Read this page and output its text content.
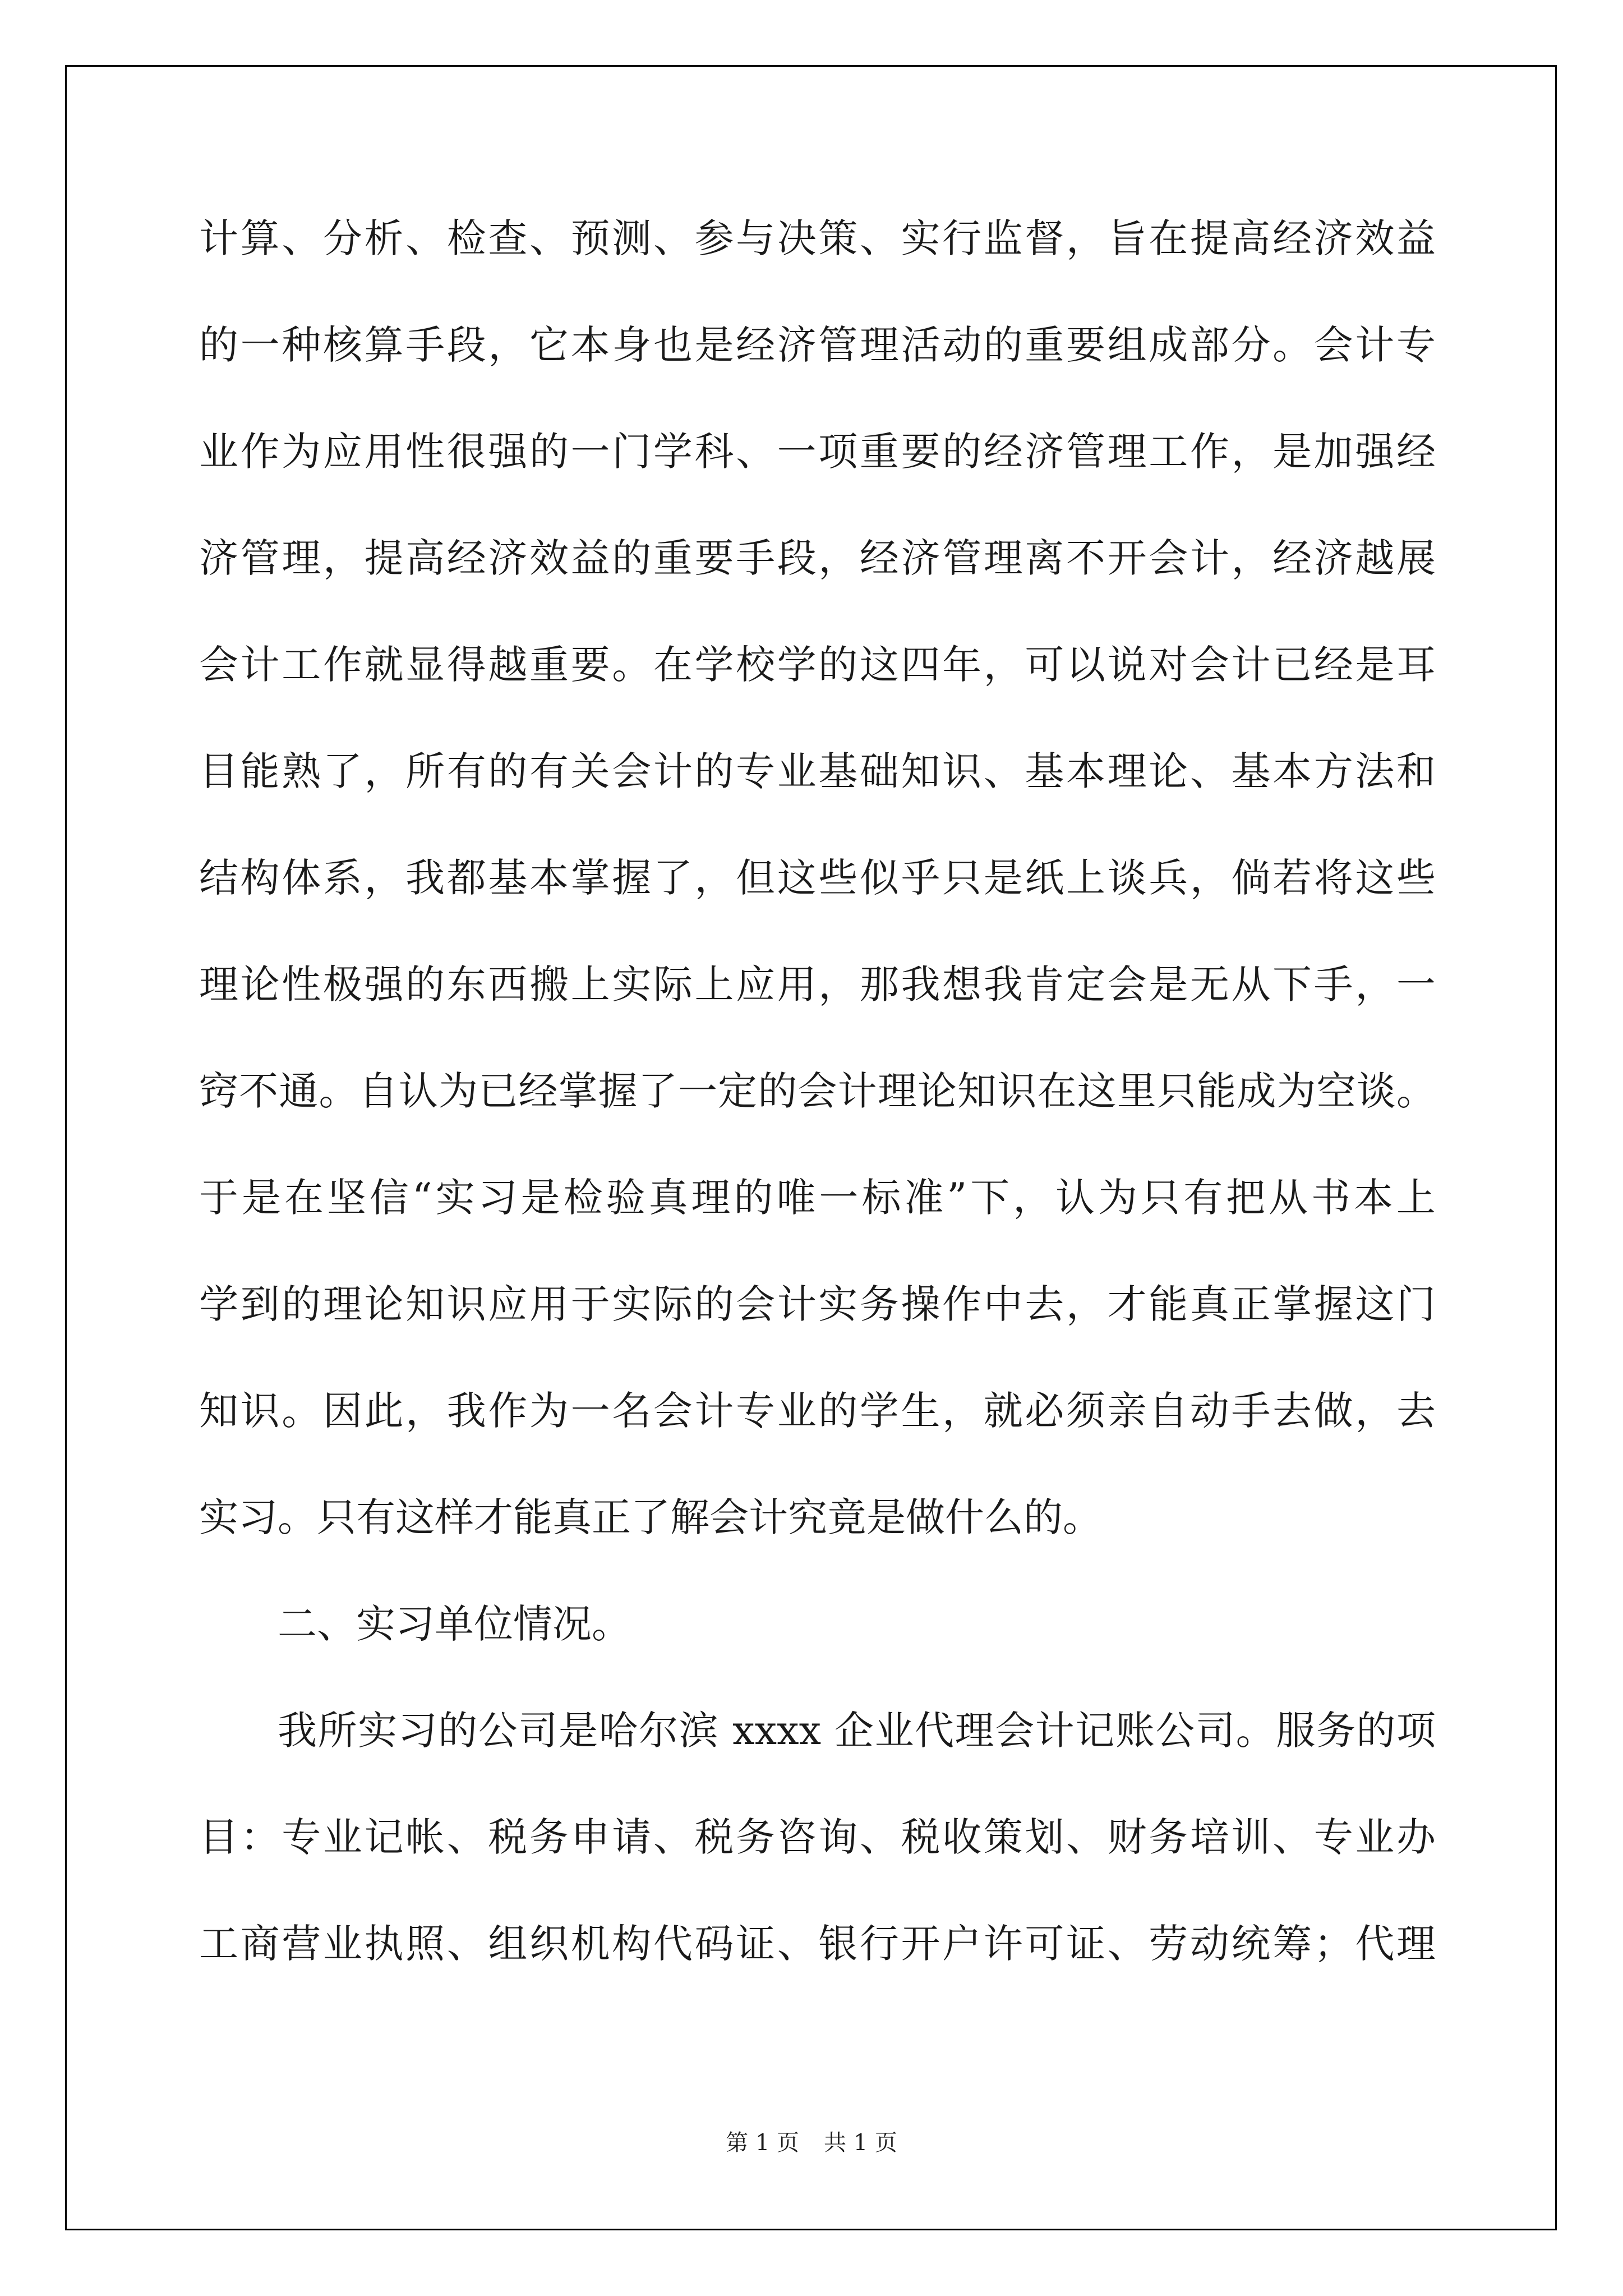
计算、分析、检查、预测、参与决策、实行监督，旨在提高经济效益
的一种核算手段，它本身也是经济管理活动的重要组成部分。会计专
业作为应用性很强的一门学科、一项重要的经济管理工作，是加强经
济管理，提高经济效益的重要手段，经济管理离不开会计，经济越展
会计工作就显得越重要。在学校学的这四年，可以说对会计已经是耳
目能熟了，所有的有关会计的专业基础知识、基本理论、基本方法和
结构体系，我都基本掌握了，但这些似乎只是纸上谈兵，倘若将这些
理论性极强的东西搬上实际上应用，那我想我肯定会是无从下手，一
窍不通。自认为已经掌握了一定的会计理论知识在这里只能成为空谈。
于是在坚信“实习是检验真理的唯一标准”下，认为只有把从书本上
学到的理论知识应用于实际的会计实务操作中去，才能真正掌握这门
知识。因此，我作为一名会计专业的学生，就必须亲自动手去做，去
实习。只有这样才能真正了解会计究竟是做什么的。
二、实习单位情况。
我所实习的公司是哈尔滨 xxxx 企业代理会计记账公司。服务的项
目：专业记帐、税务申请、税务咨询、税收策划、财务培训、专业办
工商营业执照、组织机构代码证、银行开户许可证、劳动统筹；代理
第 1 页 共 1 页
